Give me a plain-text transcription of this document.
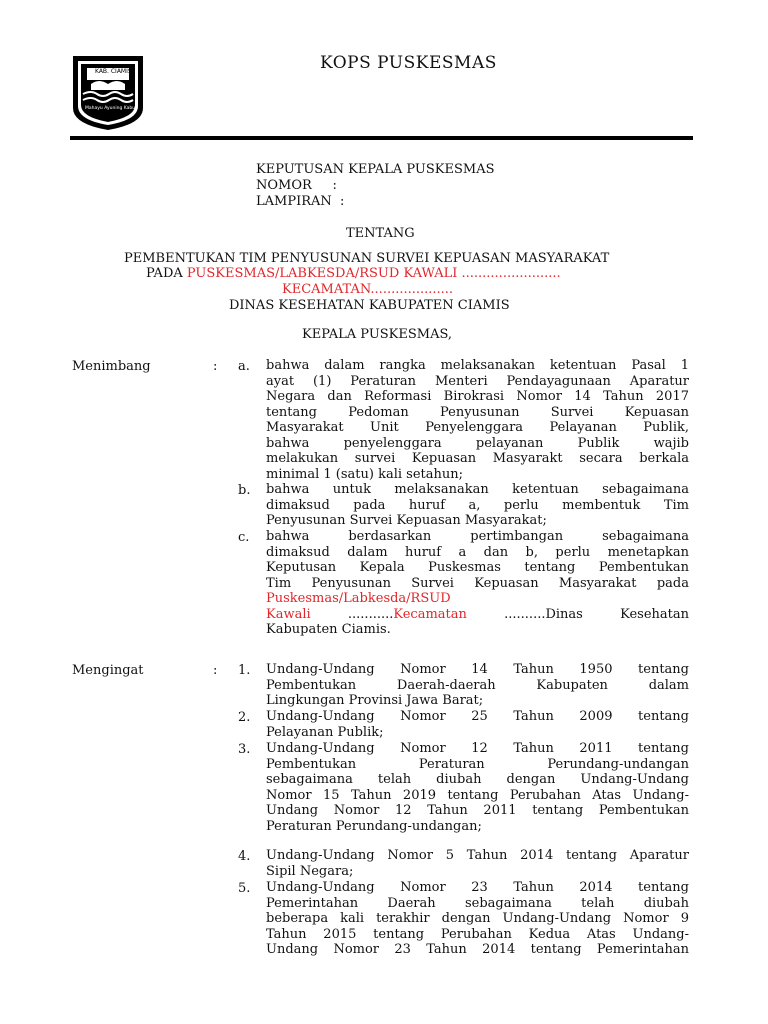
KAB. CIAMIS
Mahayu Ayuning Kabuh
KOPS PUSKESMAS
KEPUTUSAN KEPALA PUSKESMAS
NOMOR     :
LAMPIRAN  :
TENTANG
PEMBENTUKAN TIM PENYUSUNAN SURVEI KEPUASAN MASYARAKAT
PADA PUSKESMAS/LABKESDA/RSUD KAWALI ........................
KECAMATAN....................
DINAS KESEHATAN KABUPATEN CIAMIS
KEPALA PUSKESMAS,
Menimbang	: a. bahwa dalam rangka melaksanakan ketentuan Pasal 1
ayat (1) Peraturan Menteri Pendayagunaan Aparatur
Negara dan Reformasi Birokrasi Nomor 14 Tahun 2017
tentang Pedoman Penyusunan Survei Kepuasan
Masyarakat Unit Penyelenggara Pelayanan Publik,
bahwa penyelenggara pelayanan Publik wajib
melakukan survei Kepuasan Masyarakt secara berkala
minimal 1 (satu) kali setahun;
b. bahwa untuk melaksanakan ketentuan sebagaimana
dimaksud pada huruf a, perlu membentuk Tim
Penyusunan Survei Kepuasan Masyarakat;
c. bahwa berdasarkan pertimbangan sebagaimana
dimaksud dalam huruf a dan b, perlu menetapkan
Keputusan Kepala Puskesmas tentang Pembentukan
Tim Penyusunan Survei Kepuasan Masyarakat pada
Puskesmas/Labkesda/RSUD
Kawali	...........Kecamatan	..........Dinas Kesehatan
Kabupaten Ciamis.
Mengingat	: 1. Undang-Undang Nomor 14 Tahun 1950 tentang
Pembentukan Daerah-daerah Kabupaten dalam
Lingkungan Provinsi Jawa Barat;
2. Undang-Undang Nomor 25 Tahun 2009 tentang
Pelayanan Publik;
3. Undang-Undang Nomor 12 Tahun 2011 tentang
Pembentukan Peraturan Perundang-undangan
sebagaimana telah diubah dengan Undang-Undang
Nomor 15 Tahun 2019 tentang Perubahan Atas Undang-
Undang Nomor 12 Tahun 2011 tentang Pembentukan
Peraturan Perundang-undangan;
4. Undang-Undang Nomor 5 Tahun 2014 tentang Aparatur
Sipil Negara;
5. Undang-Undang Nomor 23 Tahun 2014 tentang
Pemerintahan Daerah sebagaimana telah diubah
beberapa kali terakhir dengan Undang-Undang Nomor 9
Tahun 2015 tentang Perubahan Kedua Atas Undang-
Undang Nomor 23 Tahun 2014 tentang Pemerintahan
